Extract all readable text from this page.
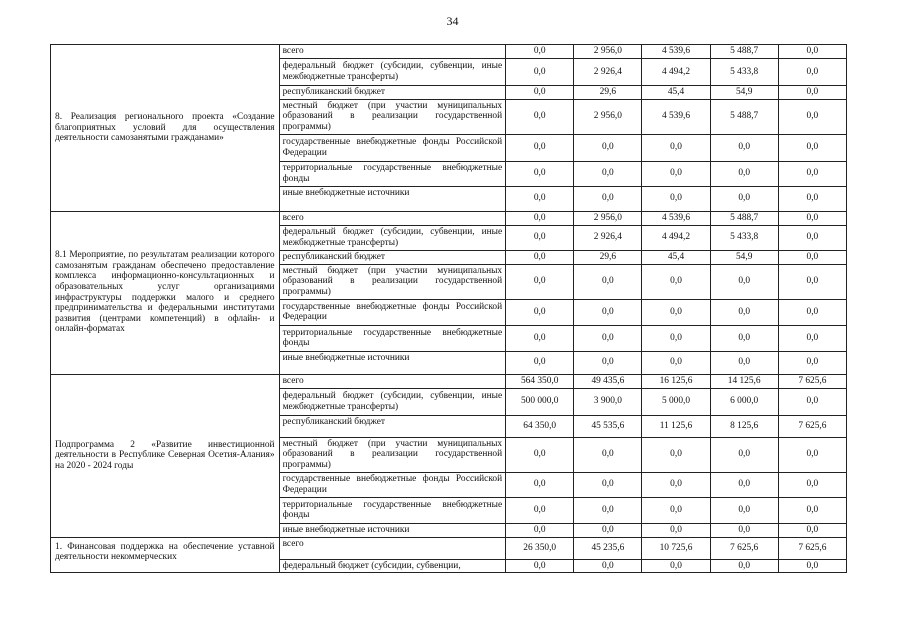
34
8. Реализация регионального проекта «Создание благоприятных условий для осуществления деятельности самозанятыми гражданами»	всего	0,0	2 956,0	4 539,6	5 488,7	0,0
	федеральный бюджет (субсидии, субвенции, иные межбюджетные трансферты)	0,0	2 926,4	4 494,2	5 433,8	0,0
	республиканский бюджет	0,0	29,6	45,4	54,9	0,0
	местный бюджет (при участии муниципальных образований в реализации государственной программы)	0,0	2 956,0	4 539,6	5 488,7	0,0
	государственные внебюджетные фонды Российской Федерации	0,0	0,0	0,0	0,0	0,0
	территориальные государственные внебюджетные фонды	0,0	0,0	0,0	0,0	0,0
	иные внебюджетные источники	0,0	0,0	0,0	0,0	0,0
8.1 Мероприятие, по результатам реализации которого самозанятым гражданам обеспечено предоставление комплекса информационно-консультационных и образовательных услуг организациями инфраструктуры поддержки малого и среднего предпринимательства и федеральными институтами развития (центрами компетенций) в офлайн- и онлайн-форматах	всего	0,0	2 956,0	4 539,6	5 488,7	0,0
	федеральный бюджет (субсидии, субвенции, иные межбюджетные трансферты)	0,0	2 926,4	4 494,2	5 433,8	0,0
	республиканский бюджет	0,0	29,6	45,4	54,9	0,0
	местный бюджет (при участии муниципальных образований в реализации государственной программы)	0,0	0,0	0,0	0,0	0,0
	государственные внебюджетные фонды Российской Федерации	0,0	0,0	0,0	0,0	0,0
	территориальные государственные внебюджетные фонды	0,0	0,0	0,0	0,0	0,0
	иные внебюджетные источники	0,0	0,0	0,0	0,0	0,0
Подпрограмма 2 «Развитие инвестиционной деятельности в Республике Северная Осетия-Алания» на 2020 - 2024 годы	всего	564 350,0	49 435,6	16 125,6	14 125,6	7 625,6
	федеральный бюджет (субсидии, субвенции, иные межбюджетные трансферты)	500 000,0	3 900,0	5 000,0	6 000,0	0,0
	республиканский бюджет	64 350,0	45 535,6	11 125,6	8 125,6	7 625,6
	местный бюджет (при участии муниципальных образований в реализации государственной программы)	0,0	0,0	0,0	0,0	0,0
	государственные внебюджетные фонды Российской Федерации	0,0	0,0	0,0	0,0	0,0
	территориальные государственные внебюджетные фонды	0,0	0,0	0,0	0,0	0,0
	иные внебюджетные источники	0,0	0,0	0,0	0,0	0,0
1. Финансовая поддержка на обеспечение уставной деятельности некоммерческих	всего	26 350,0	45 235,6	10 725,6	7 625,6	7 625,6
	федеральный бюджет (субсидии, субвенции,	0,0	0,0	0,0	0,0	0,0
